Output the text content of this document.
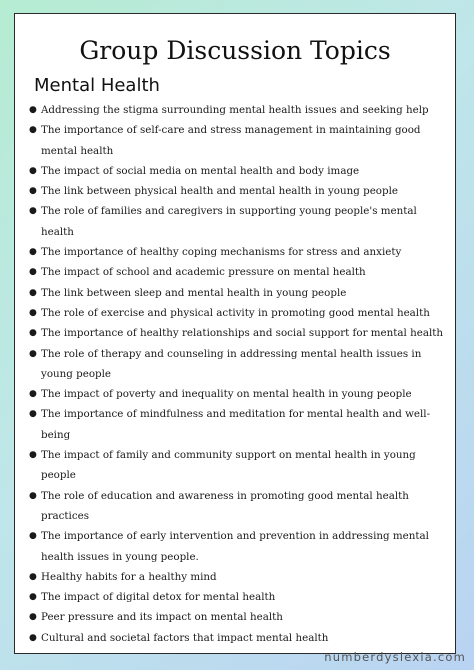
Group Discussion Topics
Mental Health
● Addressing the stigma surrounding mental health issues and seeking help
● The importance of self-care and stress management in maintaining good mental health
● The impact of social media on mental health and body image
● The link between physical health and mental health in young people
● The role of families and caregivers in supporting young people's mental health
● The importance of healthy coping mechanisms for stress and anxiety
● The impact of school and academic pressure on mental health
● The link between sleep and mental health in young people
● The role of exercise and physical activity in promoting good mental health
● The importance of healthy relationships and social support for mental health
● The role of therapy and counseling in addressing mental health issues in young people
● The impact of poverty and inequality on mental health in young people
● The importance of mindfulness and meditation for mental health and well-being
● The impact of family and community support on mental health in young people
● The role of education and awareness in promoting good mental health practices
● The importance of early intervention and prevention in addressing mental health issues in young people.
● Healthy habits for a healthy mind
● The impact of digital detox for mental health
● Peer pressure and its impact on mental health
● Cultural and societal factors that impact mental health
numberdyslexia.com
